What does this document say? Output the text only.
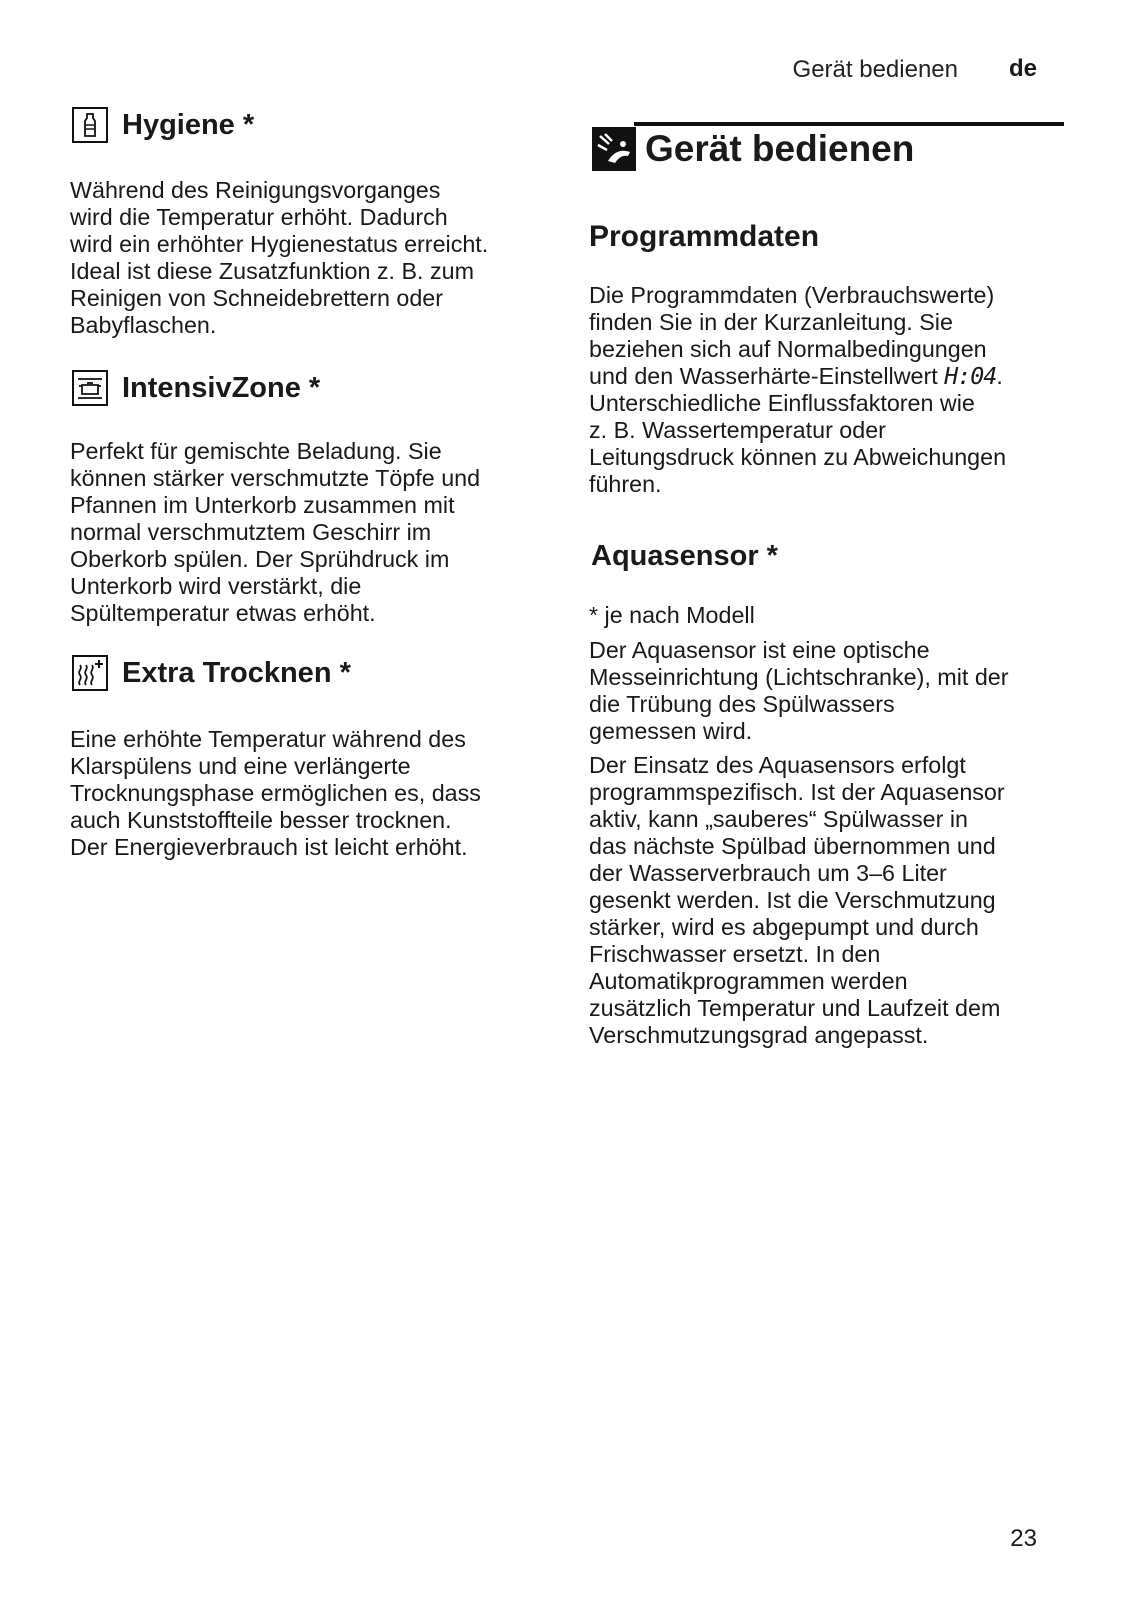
Gerät bedienen de
Hygiene *

Während des Reinigungsvorganges
wird die Temperatur erhöht. Dadurch
wird ein erhöhter Hygienestatus erreicht.
Ideal ist diese Zusatzfunktion z. B. zum
Reinigen von Schneidebrettern oder
Babyflaschen.

IntensivZone *

Perfekt für gemischte Beladung. Sie
können stärker verschmutzte Töpfe und
Pfannen im Unterkorb zusammen mit
normal verschmutztem Geschirr im
Oberkorb spülen. Der Sprühdruck im
Unterkorb wird verstärkt, die
Spültemperatur etwas erhöht.

Extra Trocknen *

Eine erhöhte Temperatur während des
Klarspülens und eine verlängerte
Trocknungsphase ermöglichen es, dass
auch Kunststoffteile besser trocknen.
Der Energieverbrauch ist leicht erhöht.

Gerät bedienen
Programmdaten

Die Programmdaten (Verbrauchswerte)
finden Sie in der Kurzanleitung. Sie
beziehen sich auf Normalbedingungen
und den Wasserhärte-Einstellwert H:04.
Unterschiedliche Einflussfaktoren wie
z. B. Wassertemperatur oder
Leitungsdruck können zu Abweichungen
führen.

Aquasensor *

* je nach Modell

Der Aquasensor ist eine optische
Messeinrichtung (Lichtschranke), mit der
die Trübung des Spülwassers
gemessen wird.

Der Einsatz des Aquasensors erfolgt
programmspezifisch. Ist der Aquasensor
aktiv, kann „sauberes“ Spülwasser in
das nächste Spülbad übernommen und
der Wasserverbrauch um 3–6 Liter
gesenkt werden. Ist die Verschmutzung
stärker, wird es abgepumpt und durch
Frischwasser ersetzt. In den
Automatikprogrammen werden
zusätzlich Temperatur und Laufzeit dem
Verschmutzungsgrad angepasst.

23
